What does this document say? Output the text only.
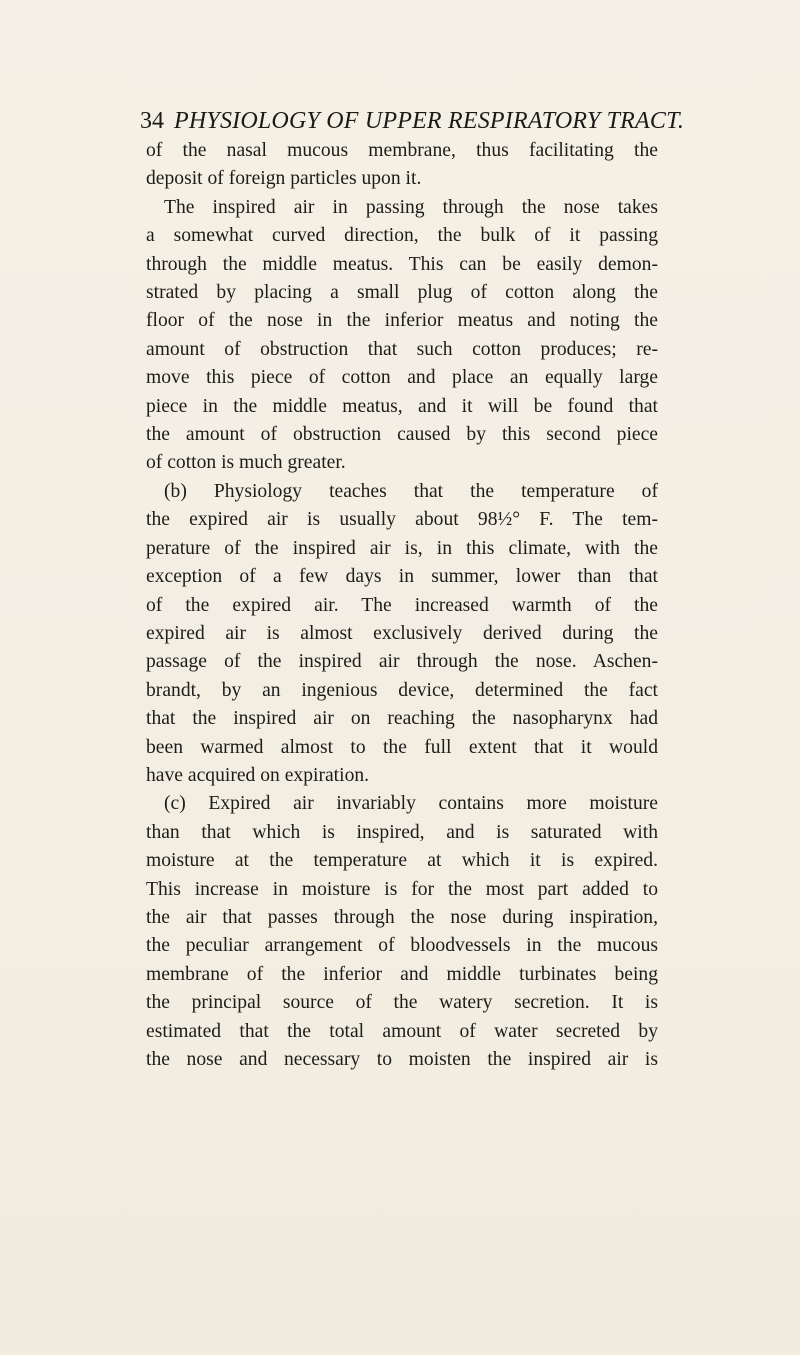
34 PHYSIOLOGY OF UPPER RESPIRATORY TRACT.

of the nasal mucous membrane, thus facilitating the

deposit of foreign particles upon it.

The inspired air in passing through the nose takes

a somewhat curved direction, the bulk of it passing

through the middle meatus. This can be easily demon-

strated by placing a small plug of cotton along the

floor of the nose in the inferior meatus and noting the

amount of obstruction that such cotton produces; re-

move this piece of cotton and place an equally large

piece in the middle meatus, and it will be found that

the amount of obstruction caused by this second piece

of cotton is much greater.

(b) Physiology teaches that the temperature of

the expired air is usually about 98½° F. The tem-

perature of the inspired air is, in this climate, with the

exception of a few days in summer, lower than that

of the expired air. The increased warmth of the

expired air is almost exclusively derived during the

passage of the inspired air through the nose. Aschen-

brandt, by an ingenious device, determined the fact

that the inspired air on reaching the nasopharynx had

been warmed almost to the full extent that it would

have acquired on expiration.

(c) Expired air invariably contains more moisture

than that which is inspired, and is saturated with

moisture at the temperature at which it is expired.

This increase in moisture is for the most part added to

the air that passes through the nose during inspiration,

the peculiar arrangement of bloodvessels in the mucous

membrane of the inferior and middle turbinates being

the principal source of the watery secretion. It is

estimated that the total amount of water secreted by

the nose and necessary to moisten the inspired air is
